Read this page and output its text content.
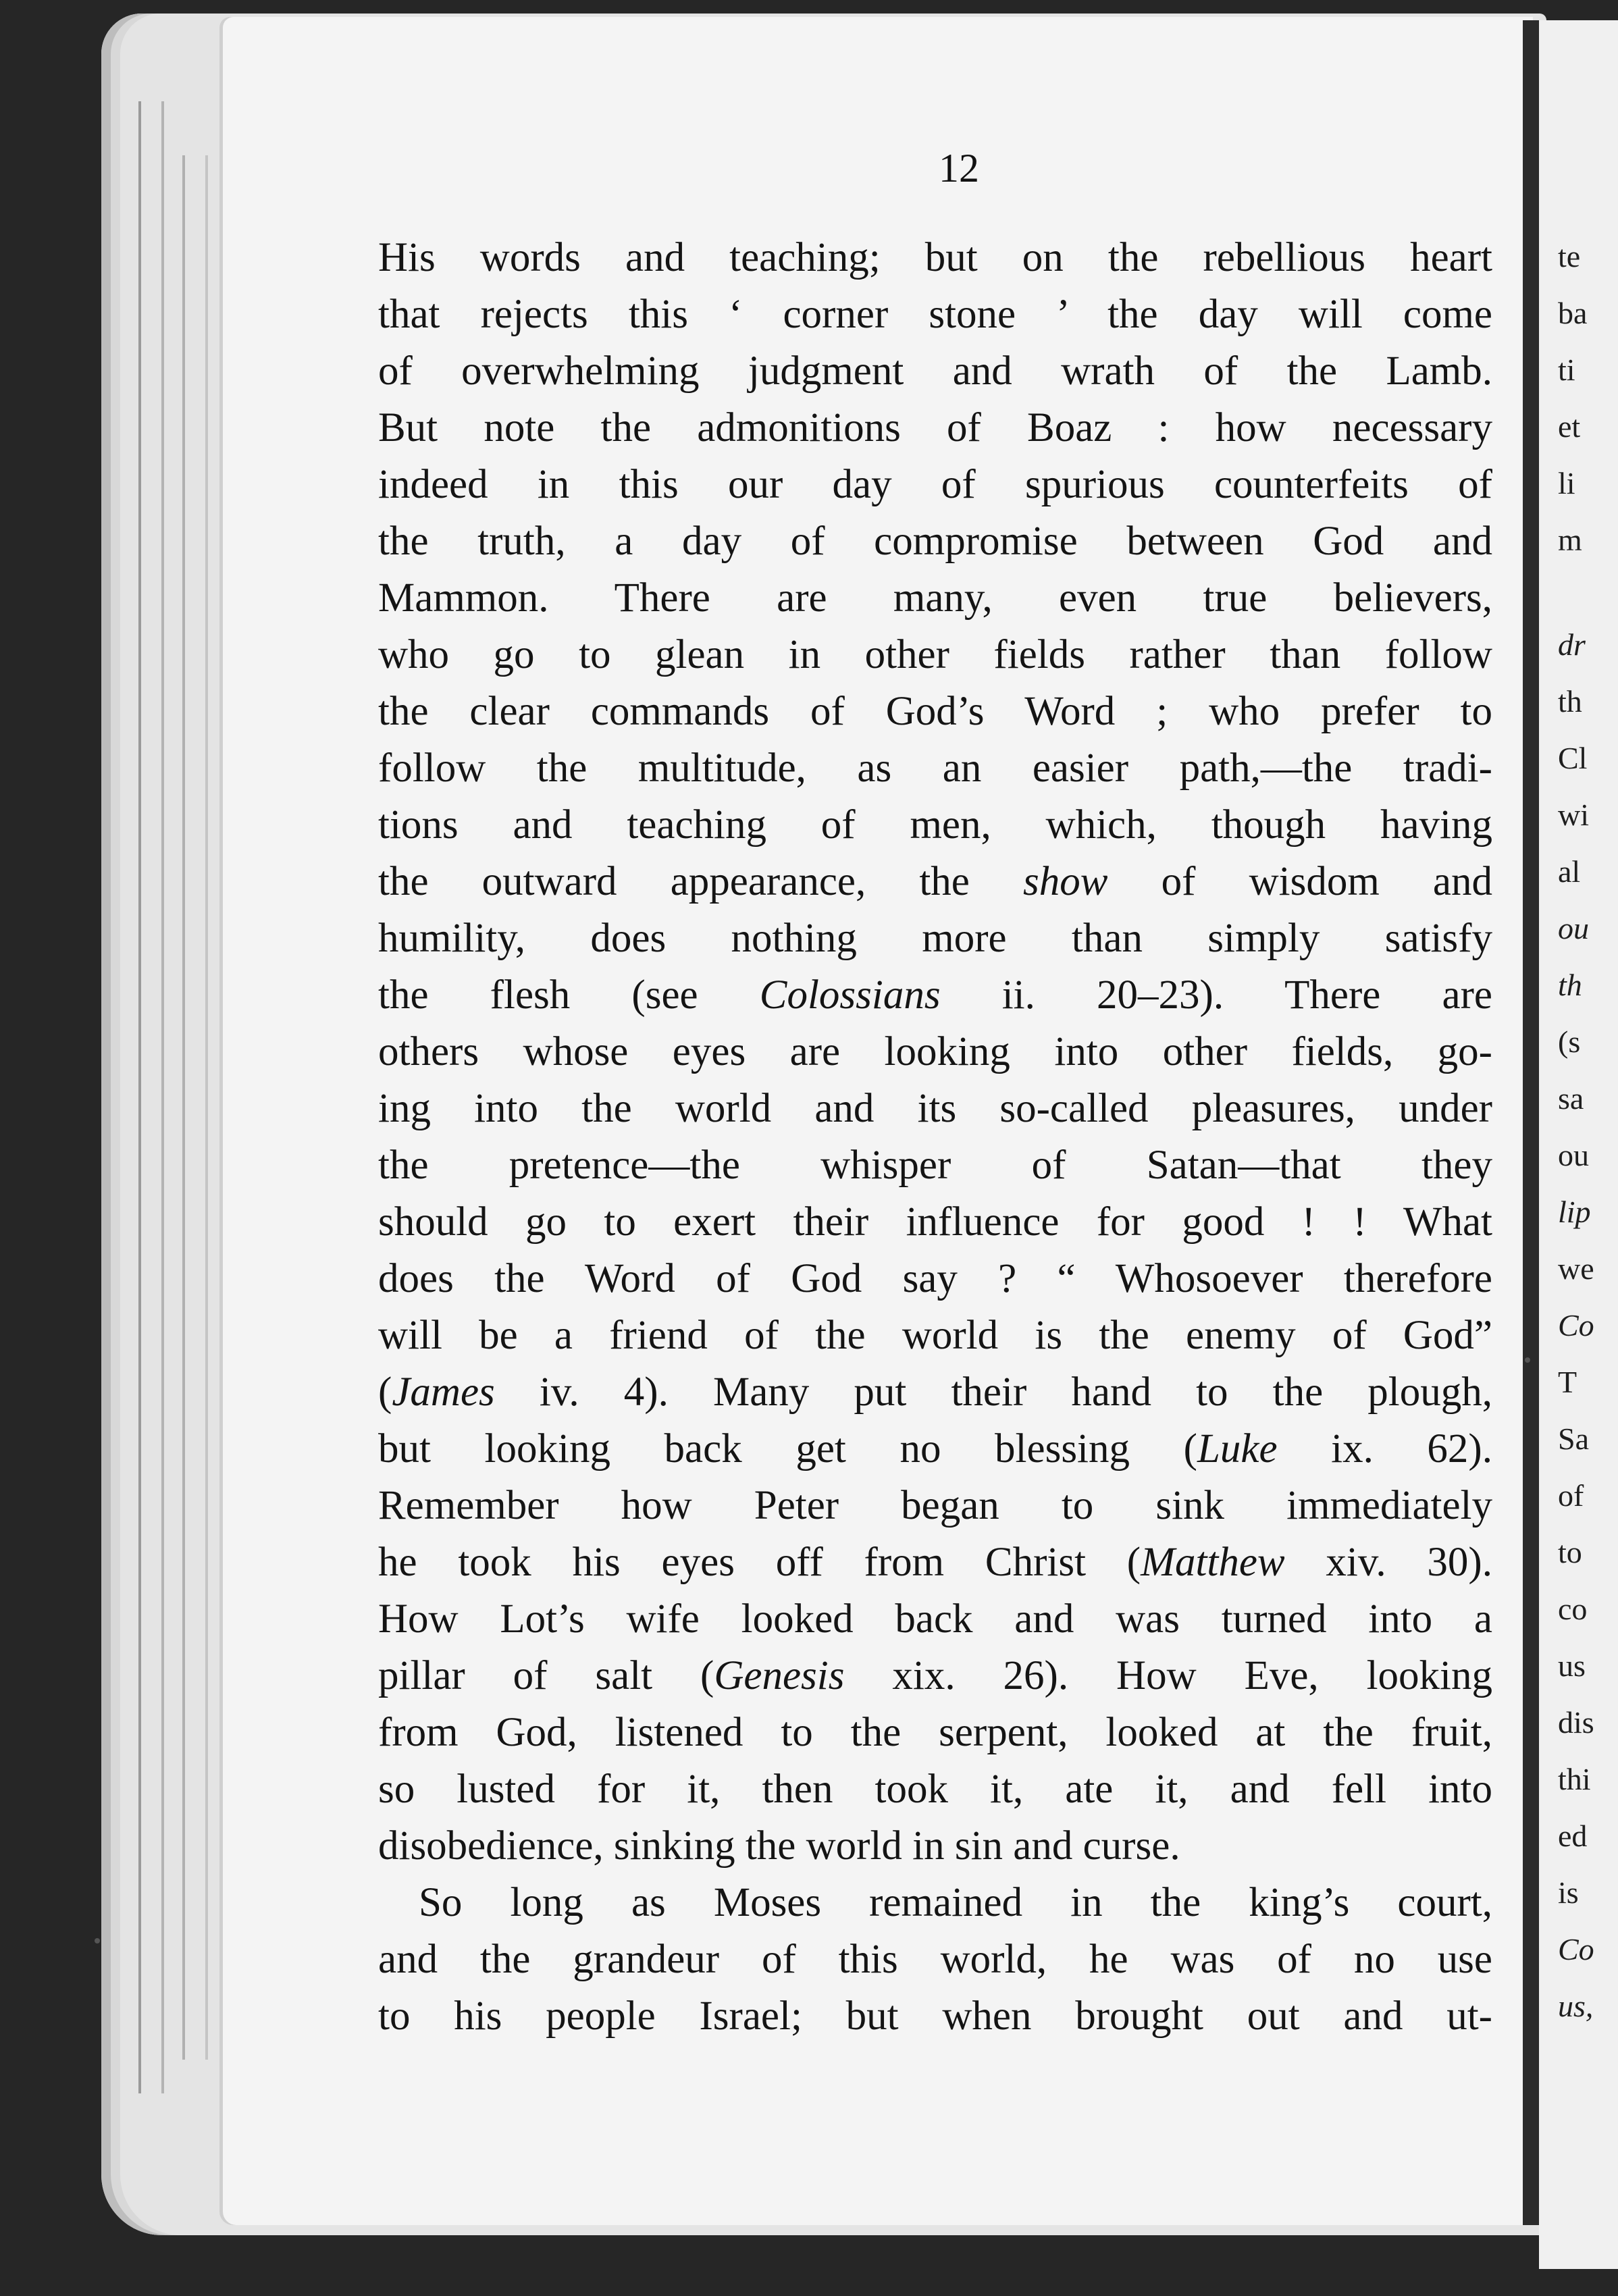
te
ba
ti
et
li
m
dr
th
Cl
wi
al
ou
th
(s
sa
ou
lip
we
Co
T
Sa
of
to
co
us
dis
thi
ed
is
Co
us,
12
His words and teaching; but on the rebellious heart
that rejects this ‘ corner stone ’ the day will come
of overwhelming judgment and wrath of the Lamb.
But note the admonitions of Boaz : how necessary
indeed in this our day of spurious counterfeits of
the truth, a day of compromise between God and
Mammon. There are many, even true believers,
who go to glean in other fields rather than follow
the clear commands of God’s Word ; who prefer to
follow the multitude, as an easier path,—the tradi-
tions and teaching of men, which, though having
the outward appearance, the show of wisdom and
humility, does nothing more than simply satisfy
the flesh (see Colossians ii. 20–23). There are
others whose eyes are looking into other fields, go-
ing into the world and its so-called pleasures, under
the pretence—the whisper of Satan—that they
should go to exert their influence for good ! ! What
does the Word of God say ? “ Whosoever therefore
will be a friend of the world is the enemy of God”
(James iv. 4). Many put their hand to the plough,
but looking back get no blessing (Luke ix. 62).
Remember how Peter began to sink immediately
he took his eyes off from Christ (Matthew xiv. 30).
How Lot’s wife looked back and was turned into a
pillar of salt (Genesis xix. 26). How Eve, looking
from God, listened to the serpent, looked at the fruit,
so lusted for it, then took it, ate it, and fell into
disobedience, sinking the world in sin and curse.
So long as Moses remained in the king’s court,
and the grandeur of this world, he was of no use
to his people Israel; but when brought out and ut-
